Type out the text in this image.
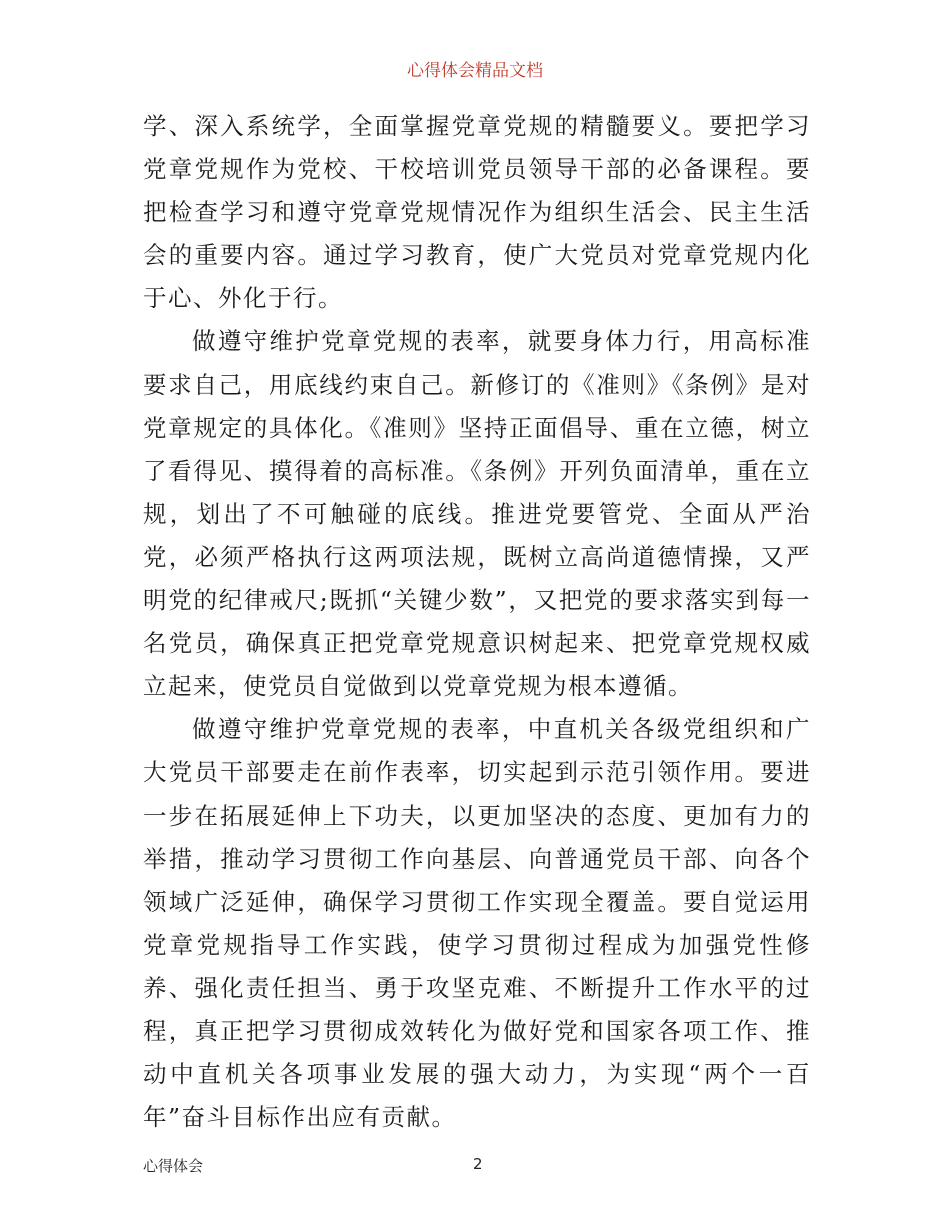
心得体会精品文档

学、深入系统学，全面掌握党章党规的精髓要义。要把学习党章党规作为党校、干校培训党员领导干部的必备课程。要把检查学习和遵守党章党规情况作为组织生活会、民主生活会的重要内容。通过学习教育，使广大党员对党章党规内化于心、外化于行。

做遵守维护党章党规的表率，就要身体力行，用高标准要求自己，用底线约束自己。新修订的《准则》《条例》是对党章规定的具体化。《准则》坚持正面倡导、重在立德，树立了看得见、摸得着的高标准。《条例》开列负面清单，重在立规，划出了不可触碰的底线。推进党要管党、全面从严治党，必须严格执行这两项法规，既树立高尚道德情操，又严明党的纪律戒尺;既抓“关键少数”，又把党的要求落实到每一名党员，确保真正把党章党规意识树起来、把党章党规权威立起来，使党员自觉做到以党章党规为根本遵循。

做遵守维护党章党规的表率，中直机关各级党组织和广大党员干部要走在前作表率，切实起到示范引领作用。要进一步在拓展延伸上下功夫，以更加坚决的态度、更加有力的举措，推动学习贯彻工作向基层、向普通党员干部、向各个领域广泛延伸，确保学习贯彻工作实现全覆盖。要自觉运用党章党规指导工作实践，使学习贯彻过程成为加强党性修养、强化责任担当、勇于攻坚克难、不断提升工作水平的过程，真正把学习贯彻成效转化为做好党和国家各项工作、推动中直机关各项事业发展的强大动力，为实现“两个一百年”奋斗目标作出应有贡献。

心得体会	2
